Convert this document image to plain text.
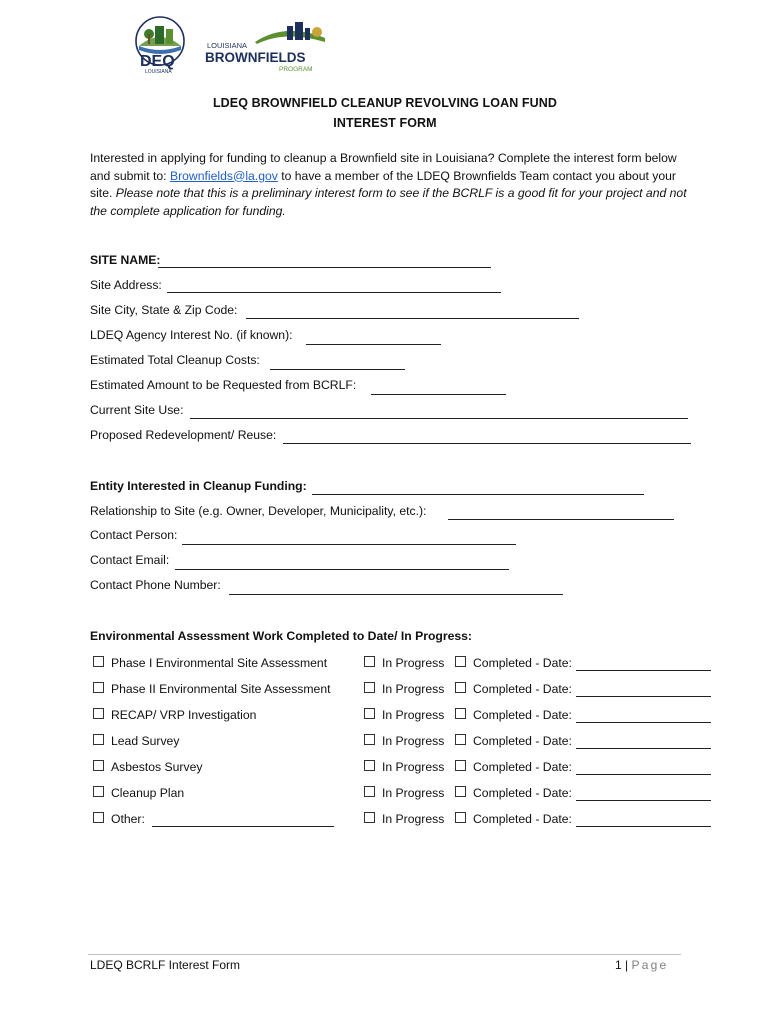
DEQ
LOUISIANA
LOUISIANA
BROWNFIELDS
PROGRAM
LDEQ BROWNFIELD CLEANUP REVOLVING LOAN FUND
INTEREST FORM
Interested in applying for funding to cleanup a Brownfield site in Louisiana? Complete the interest form below and submit to: Brownfields@la.gov to have a member of the LDEQ Brownfields Team contact you about your site. Please note that this is a preliminary interest form to see if the BCRLF is a good fit for your project and not the complete application for funding.
SITE NAME:
Site Address:
Site City, State & Zip Code:
LDEQ Agency Interest No. (if known):
Estimated Total Cleanup Costs:
Estimated Amount to be Requested from BCRLF:
Current Site Use:
Proposed Redevelopment/ Reuse:
Entity Interested in Cleanup Funding:
Relationship to Site (e.g. Owner, Developer, Municipality, etc.):
Contact Person:
Contact Email:
Contact Phone Number:
Environmental Assessment Work Completed to Date/ In Progress:
Phase I Environmental Site Assessment	In Progress	Completed - Date:
Phase II Environmental Site Assessment	In Progress	Completed - Date:
RECAP/ VRP Investigation	In Progress	Completed - Date:
Lead Survey	In Progress	Completed - Date:
Asbestos Survey	In Progress	Completed - Date:
Cleanup Plan	In Progress	Completed - Date:
Other:	In Progress	Completed - Date:
LDEQ BCRLF Interest Form	1 | Page
